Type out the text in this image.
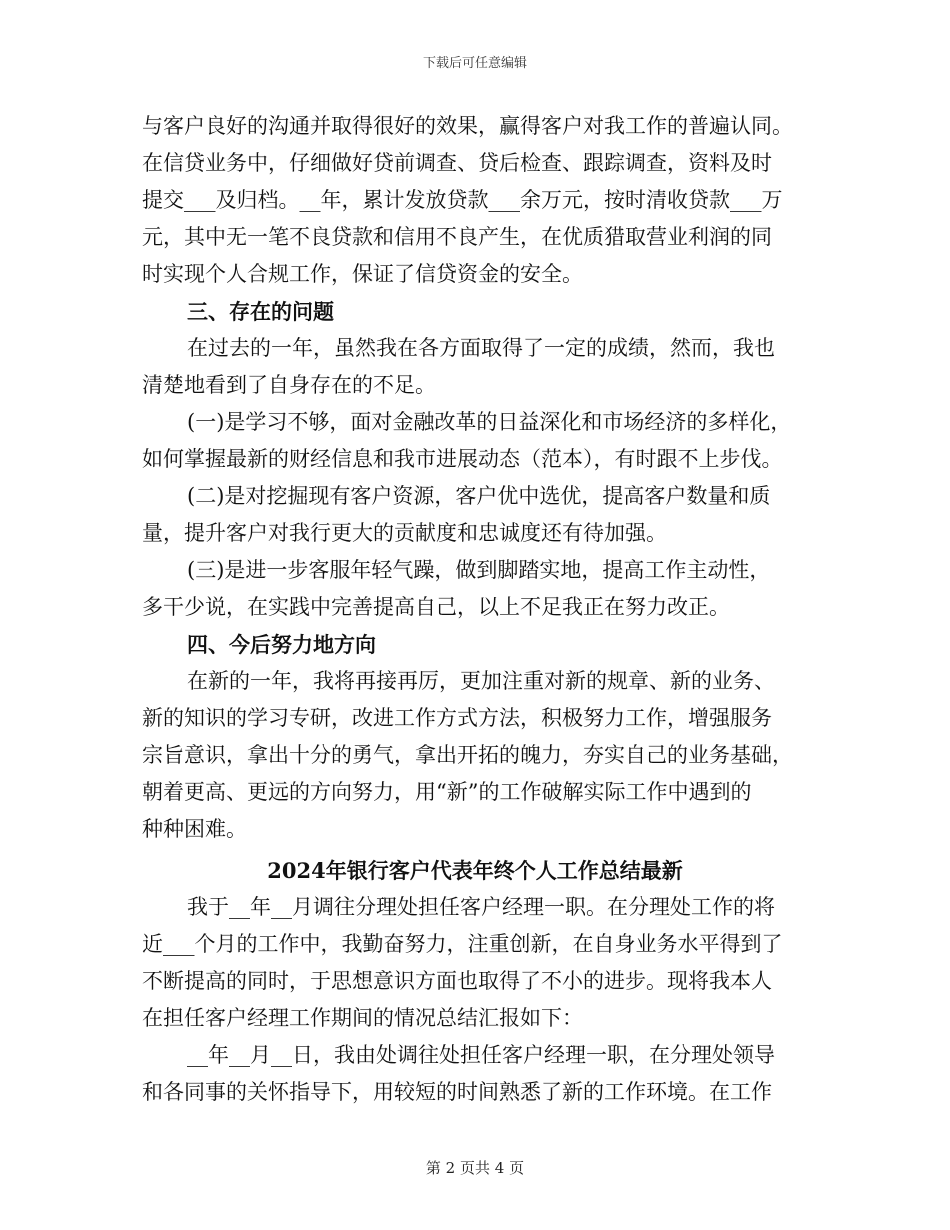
下载后可任意编辑
与客户良好的沟通并取得很好的效果，赢得客户对我工作的普遍认同。
在信贷业务中，仔细做好贷前调查、贷后检查、跟踪调查，资料及时
提交___及归档。__年，累计发放贷款___余万元，按时清收贷款___万
元，其中无一笔不良贷款和信用不良产生，在优质猎取营业利润的同
时实现个人合规工作，保证了信贷资金的安全。
三、存在的问题
在过去的一年，虽然我在各方面取得了一定的成绩，然而，我也
清楚地看到了自身存在的不足。
(一)是学习不够，面对金融改革的日益深化和市场经济的多样化，
如何掌握最新的财经信息和我市进展动态（范本），有时跟不上步伐。
(二)是对挖掘现有客户资源，客户优中选优，提高客户数量和质
量，提升客户对我行更大的贡献度和忠诚度还有待加强。
(三)是进一步客服年轻气躁，做到脚踏实地，提高工作主动性，
多干少说，在实践中完善提高自己，以上不足我正在努力改正。
四、今后努力地方向
在新的一年，我将再接再厉，更加注重对新的规章、新的业务、
新的知识的学习专研，改进工作方式方法，积极努力工作，增强服务
宗旨意识，拿出十分的勇气，拿出开拓的魄力，夯实自己的业务基础，
朝着更高、更远的方向努力，用“新”的工作破解实际工作中遇到的
种种困难。
2024年银行客户代表年终个人工作总结最新
我于__年__月调往分理处担任客户经理一职。在分理处工作的将
近___个月的工作中，我勤奋努力，注重创新，在自身业务水平得到了
不断提高的同时，于思想意识方面也取得了不小的进步。现将我本人
在担任客户经理工作期间的情况总结汇报如下：
__年__月__日，我由处调往处担任客户经理一职，在分理处领导
和各同事的关怀指导下，用较短的时间熟悉了新的工作环境。在工作
第 2 页共 4 页
